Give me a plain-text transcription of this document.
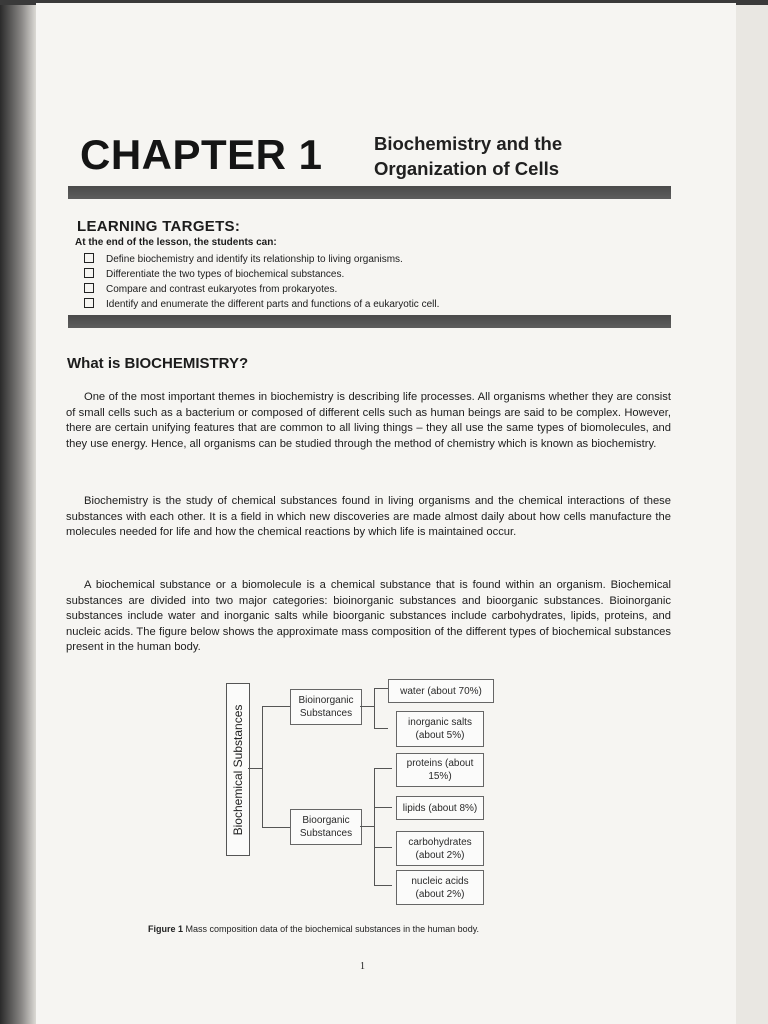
CHAPTER 1	Biochemistry and the
Organization of Cells
LEARNING TARGETS:
At the end of the lesson, the students can:
Define biochemistry and identify its relationship to living organisms.
Differentiate the two types of biochemical substances.
Compare and contrast eukaryotes from prokaryotes.
Identify and enumerate the different parts and functions of a eukaryotic cell.
What is BIOCHEMISTRY?

One of the most important themes in biochemistry is describing life processes. All organisms whether they are consist of small cells such as a bacterium or composed of different cells such as human beings are said to be complex. However, there are certain unifying features that are common to all living things – they all use the same types of biomolecules, and they use energy. Hence, all organisms can be studied through the method of chemistry which is known as biochemistry.

Biochemistry is the study of chemical substances found in living organisms and the chemical interactions of these substances with each other. It is a field in which new discoveries are made almost daily about how cells manufacture the molecules needed for life and how the chemical reactions by which life is maintained occur.

A biochemical substance or a biomolecule is a chemical substance that is found within an organism. Biochemical substances are divided into two major categories: bioinorganic substances and bioorganic substances. Bioinorganic substances include water and inorganic salts while bioorganic substances include carbohydrates, lipids, proteins, and nucleic acids. The figure below shows the approximate mass composition of the different types of biochemical substances present in the human body.

Biochemical Substances
Bioinorganic Substances
Bioorganic Substances
water (about 70%)
inorganic salts (about 5%)
proteins (about 15%)
lipids (about 8%)
carbohydrates (about 2%)
nucleic acids (about 2%)
Figure 1 Mass composition data of the biochemical substances in the human body.
1
